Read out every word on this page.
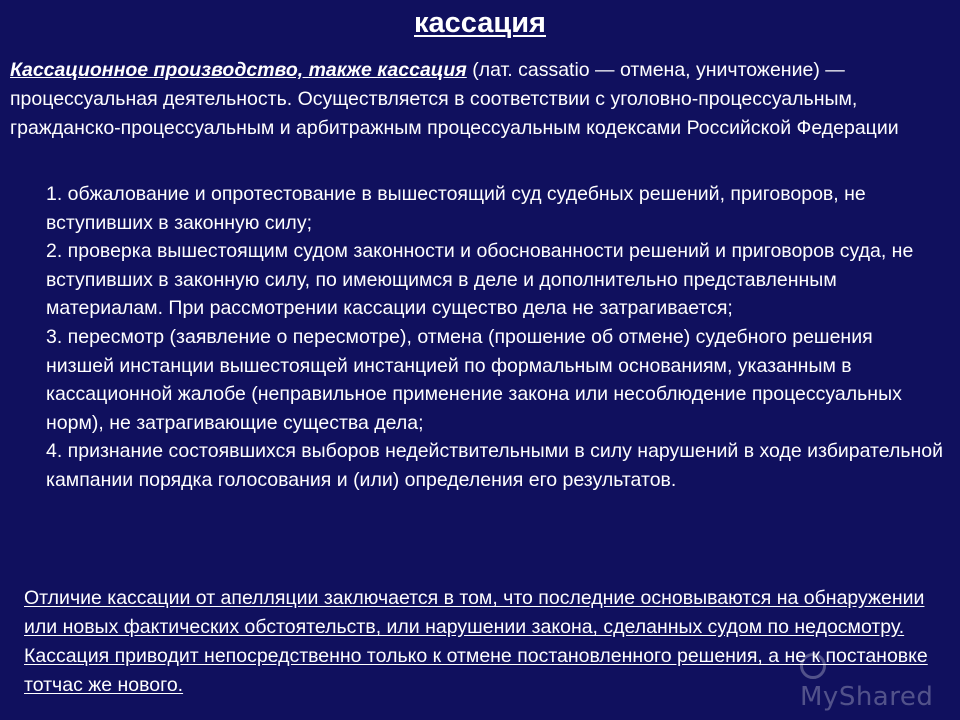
кассация
Кассационное производство, также кассация (лат. cassatio — отмена, уничтожение) — процессуальная деятельность. Осуществляется в соответствии с уголовно-процессуальным, гражданско-процессуальным и арбитражным процессуальным кодексами Российской Федерации

1. обжалование и опротестование в вышестоящий суд судебных решений, приговоров, не вступивших в законную силу;

2. проверка вышестоящим судом законности и обоснованности решений и приговоров суда, не вступивших в законную силу, по имеющимся в деле и дополнительно представленным материалам. При рассмотрении кассации существо дела не затрагивается;

3. пересмотр (заявление о пересмотре), отмена (прошение об отмене) судебного решения низшей инстанции вышестоящей инстанцией по формальным основаниям, указанным в кассационной жалобе (неправильное применение закона или несоблюдение процессуальных норм), не затрагивающие существа дела;

4. признание состоявшихся выборов недействительными в силу нарушений в ходе избирательной кампании порядка голосования и (или) определения его результатов.

Отличие кассации от апелляции заключается в том, что последние основываются на обнаружении или новых фактических обстоятельств, или нарушении закона, сделанных судом по недосмотру. Кассация приводит непосредственно только к отмене постановленного решения, а не к постановке тотчас же нового.	MyShared
